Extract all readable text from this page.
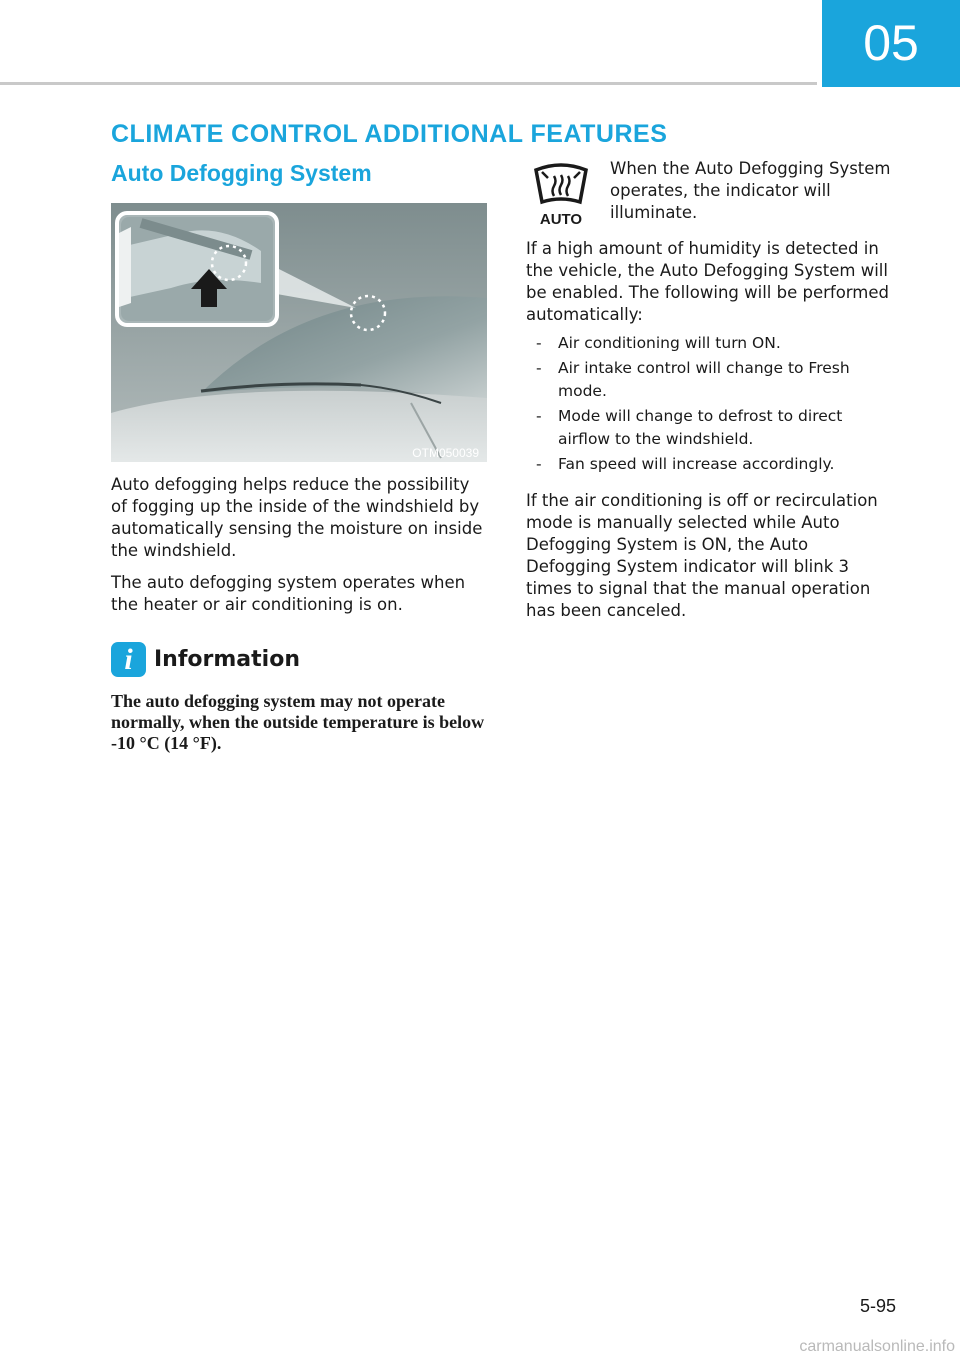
05
CLIMATE CONTROL ADDITIONAL FEATURES
Auto Defogging System
OTM050039

Auto defogging helps reduce the possibility of fogging up the inside of the windshield by automatically sensing the moisture on inside the windshield.

The auto defogging system operates when the heater or air conditioning is on.

i Information

The auto defogging system may not operate normally, when the outside temperature is below -10 °C (14 °F).

AUTO

When the Auto Defogging System operates, the indicator will illuminate.

If a high amount of humidity is detected in the vehicle, the Auto Defogging System will be enabled. The following will be performed automatically:

- Air conditioning will turn ON.
- Air intake control will change to Fresh mode.
- Mode will change to defrost to direct airflow to the windshield.
- Fan speed will increase accordingly.

If the air conditioning is off or recirculation mode is manually selected while Auto Defogging System is ON, the Auto Defogging System indicator will blink 3 times to signal that the manual operation has been canceled.

5-95
carmanualsonline.info
